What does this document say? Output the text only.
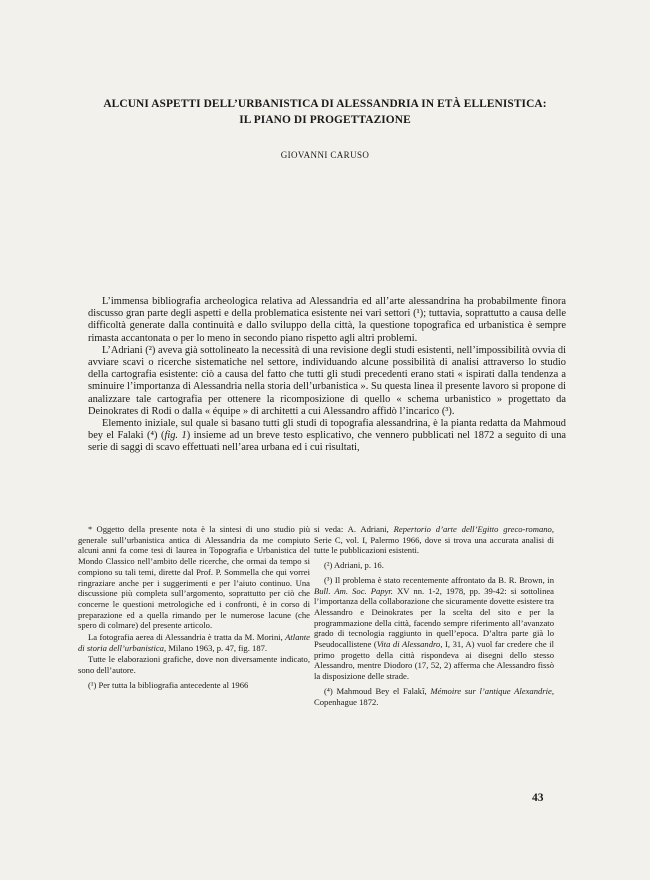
ALCUNI ASPETTI DELL’URBANISTICA DI ALESSANDRIA IN ETÀ ELLENISTICA:
IL PIANO DI PROGETTAZIONE

GIOVANNI CARUSO

L’immensa bibliografia archeologica relativa ad Alessandria ed all’arte alessandrina ha probabilmente finora discusso gran parte degli aspetti e della problematica esistente nei vari settori (¹); tuttavia, soprattutto a causa delle difficoltà generate dalla continuità e dallo sviluppo della città, la questione topografica ed urbanistica è sempre rimasta accantonata o per lo meno in secondo piano rispetto agli altri problemi.

L’Adriani (²) aveva già sottolineato la necessità di una revisione degli studi esistenti, nell’impossibilità ovvia di avviare scavi o ricerche sistematiche nel settore, individuando alcune possibilità di analisi attraverso lo studio della cartografia esistente: ciò a causa del fatto che tutti gli studi precedenti erano stati « ispirati dalla tendenza a sminuire l’importanza di Alessandria nella storia dell’urbanistica ». Su questa linea il presente lavoro si propone di analizzare tale cartografia per ottenere la ricomposizione di quello « schema urbanistico » progettato da Deinokrates di Rodi o dalla « équipe » di architetti a cui Alessandro affidò l’incarico (³).

Elemento iniziale, sul quale si basano tutti gli studi di topografia alessandrina, è la pianta redatta da Mahmoud bey el Falaki (⁴) (fig. 1) insieme ad un breve testo esplicativo, che vennero pubblicati nel 1872 a seguito di una serie di saggi di scavo effettuati nell’area urbana ed i cui risultati,

* Oggetto della presente nota è la sintesi di uno studio più generale sull’urbanistica antica di Alessandria da me compiuto alcuni anni fa come tesi di laurea in Topografia e Urbanistica del Mondo Classico nell’ambito delle ricerche, che ormai da tempo si compiono su tali temi, dirette dal Prof. P. Sommella che qui vorrei ringraziare anche per i suggerimenti e per l’aiuto continuo. Una discussione più completa sull’argomento, soprattutto per ciò che concerne le questioni metrologiche ed i confronti, è in corso di preparazione ed a quella rimando per le numerose lacune (che spero di colmare) del presente articolo.

La fotografia aerea di Alessandria è tratta da M. Morini, Atlante di storia dell’urbanistica, Milano 1963, p. 47, fig. 187.

Tutte le elaborazioni grafiche, dove non diversamente indicato, sono dell’autore.

(¹) Per tutta la bibliografia antecedente al 1966

si veda: A. Adriani, Repertorio d’arte dell’Egitto greco-romano, Serie C, vol. I, Palermo 1966, dove si trova una accurata analisi di tutte le pubblicazioni esistenti.

(²) Adriani, p. 16.

(³) Il problema è stato recentemente affrontato da B. R. Brown, in Bull. Am. Soc. Papyr. XV nn. 1-2, 1978, pp. 39-42: si sottolinea l’importanza della collaborazione che sicuramente dovette esistere tra Alessandro e Deinokrates per la scelta del sito e per la programmazione della città, facendo sempre riferimento all’avanzato grado di tecnologia raggiunto in quell’epoca. D’altra parte già lo Pseudocallistene (Vita di Alessandro, I, 31, A) vuol far credere che il primo progetto della città rispondeva ai disegni dello stesso Alessandro, mentre Diodoro (17, 52, 2) afferma che Alessandro fissò la disposizione delle strade.

(⁴) Mahmoud Bey el Falakî, Mémoire sur l’antique Alexandrie, Copenhague 1872.

43
